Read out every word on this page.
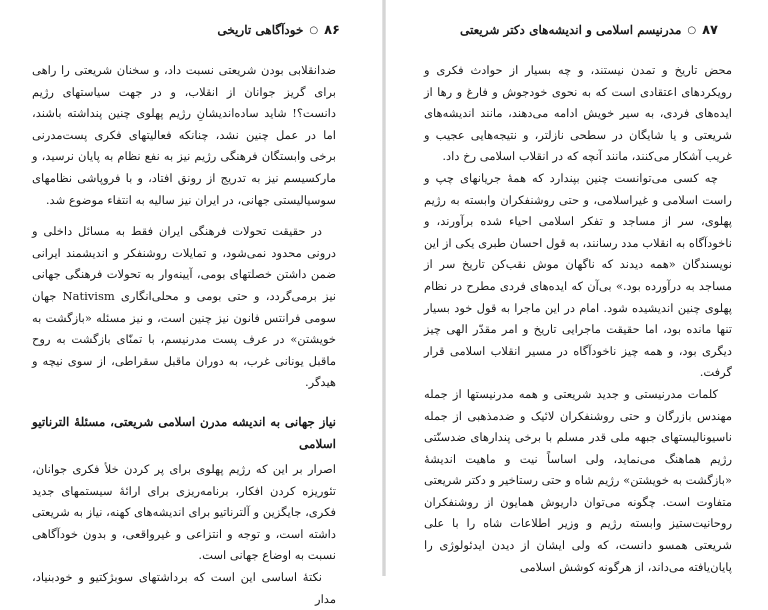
۸۶
○
خودآگاهی تاریخی

ضدانقلابی بودن شریعتی نسبت داد، و سخنان شریعتی را راهی برای گریز جوانان از انقلاب، و در جهت سیاستهای رژیم دانست؟! شاید ساده‌اندیشانِ رژیم پهلوی چنین پنداشته باشند، اما در عمل چنین نشد، چنانکه فعالیتهای فکری پست‌مدرنی برخی وابستگان فرهنگی رژیم نیز به نفع نظام به پایان نرسید، و مارکسیسم نیز به تدریج از رونق افتاد، و با فروپاشی نظامهای سوسیالیستی جهانی، در ایران نیز سالیه به انتفاء موضوع شد.

در حقیقت تحولات فرهنگی ایران فقط به مسائل داخلی و درونی محدود نمی‌شود، و تمایلات روشنفکر و اندیشمند ایرانی ضمن داشتن خصلتهای بومی، آیینه‌وار به تحولات فرهنگی جهانی نیز برمی‌گردد، و حتی بومی و محلی‌انگاری Nativism جهان سومی فرانتس فانون نیز چنین است، و نیز مسئله «بازگشت به خویشتن» در عرف پست مدرنیسم، با تمنّای بازگشت به روح ماقبل یونانی غرب، به دوران ماقبل سقراطی، از سوی نیچه و هیدگر.

نیاز جهانی به اندیشه مدرن اسلامی شریعتی، مسئلهٔ الترناتیو اسلامی

اصرار بر این که رژیم پهلوی برای پر کردن خلأ فکری جوانان، تئوریزه کردن افکار، برنامه‌ریزی برای ارائهٔ سیستمهای جدید فکری، جایگزین و آلترناتیو برای اندیشه‌های کهنه، نیاز به شریعتی داشته است، و توجه و انتزاعی و غیرواقعی، و بدون خودآگاهی نسبت به اوضاع جهانی است.

نکتهٔ اساسی این است که برداشتهای سوبژکتیو و خودبنیاد، مدار

۸۷
○
مدرنیسم اسلامی و اندیشه‌های دکتر شریعتی

محض تاریخ و تمدن نیستند، و چه بسیار از حوادث فکری و رویکردهای اعتقادی است که به نحوی خودجوش و فارغ و رها از ایده‌های فردی، به سیر خویش ادامه می‌دهند، مانند اندیشه‌های شریعتی و یا شایگان در سطحی نازلتر، و نتیجه‌هایی عجیب و غریب آشکار می‌کنند، مانند آنچه که در انقلاب اسلامی رخ داد.

چه کسی می‌توانست چنین بپندارد که همهٔ جریانهای چپ و راست اسلامی و غیراسلامی، و حتی روشنفکران وابسته به رژیم پهلوی، سر از مساجد و تفکر اسلامی احیاء شده برآورند، و ناخودآگاه به انقلاب مدد رسانند، به قول احسان طبری یکی از این نویسندگان «همه دیدند که ناگهان موش نقب‌کن تاریخ سر از مساجد به درآورده بود.» بی‌آن که ایده‌های فردی مطرح در نظام پهلوی چنین اندیشیده شود. امام در این ماجرا به قول خود بسیار تنها مانده بود، اما حقیقت ماجرایی تاریخ و امر مقدّر الهی چیز دیگری بود، و همه چیز ناخودآگاه در مسیر انقلاب اسلامی قرار گرفت.

کلمات مدرنیستی و جدید شریعتی و همه مدرنیستها از جمله مهندس بازرگان و حتی روشنفکران لائیک و ضدمذهبی از جمله ناسیونالیستهای جبهه ملی قدر مسلم با برخی پندارهای ضدسنّتی رژیم هماهنگ می‌نماید، ولی اساساً نیت و ماهیت اندیشهٔ «بازگشت به خویشتن» رژیم شاه و حتی رستاخیر و دکتر شریعتی متفاوت است. چگونه می‌توان داریوش همایون از روشنفکران روحانیت‌ستیز وابسته رژیم و وزیر اطلاعات شاه را با علی شریعتی همسو دانست، که ولی ایشان از دیدن ایدئولوژی را پایان‌یافته می‌داند، از هرگونه کوشش اسلامی
